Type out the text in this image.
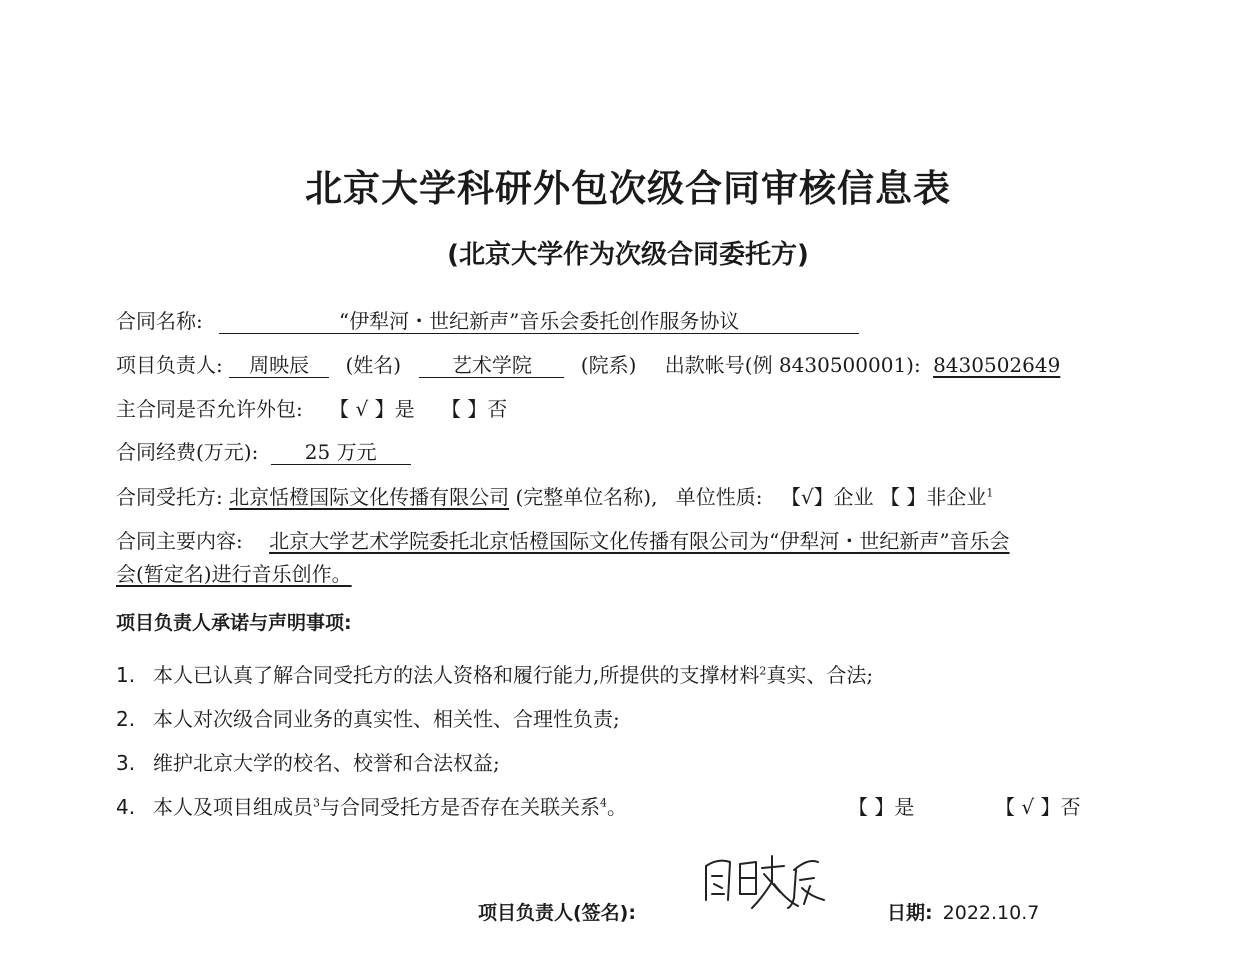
北京大学科研外包次级合同审核信息表
(北京大学作为次级合同委托方)
合同名称:	“伊犁河・世纪新声”音乐会委托创作服务协议
项目负责人: 周映辰 (姓名)	艺术学院 (院系) 出款帐号(例 8430500001): 8430502649
主合同是否允许外包: 【 √ 】是 【 】否
合同经费(万元): 25 万元
合同受托方: 北京恬橙国际文化传播有限公司 (完整单位名称), 单位性质: 【√】企业 【 】非企业$^1$
合同主要内容: 北京大学艺术学院委托北京恬橙国际文化传播有限公司为“伊犁河・世纪新声”音乐会
会(暂定名)进行音乐创作。
项目负责人承诺与声明事项:
1. 本人已认真了解合同受托方的法人资格和履行能力,所提供的支撑材料$^2$真实、合法;
2. 本人对次级合同业务的真实性、相关性、合理性负责;
3. 维护北京大学的校名、校誉和合法权益;
4. 本人及项目组成员$^3$与合同受托方是否存在关联关系$^4$。	【 】是	【 √ 】否
项目负责人(签名):	日期: 2022.10.7
